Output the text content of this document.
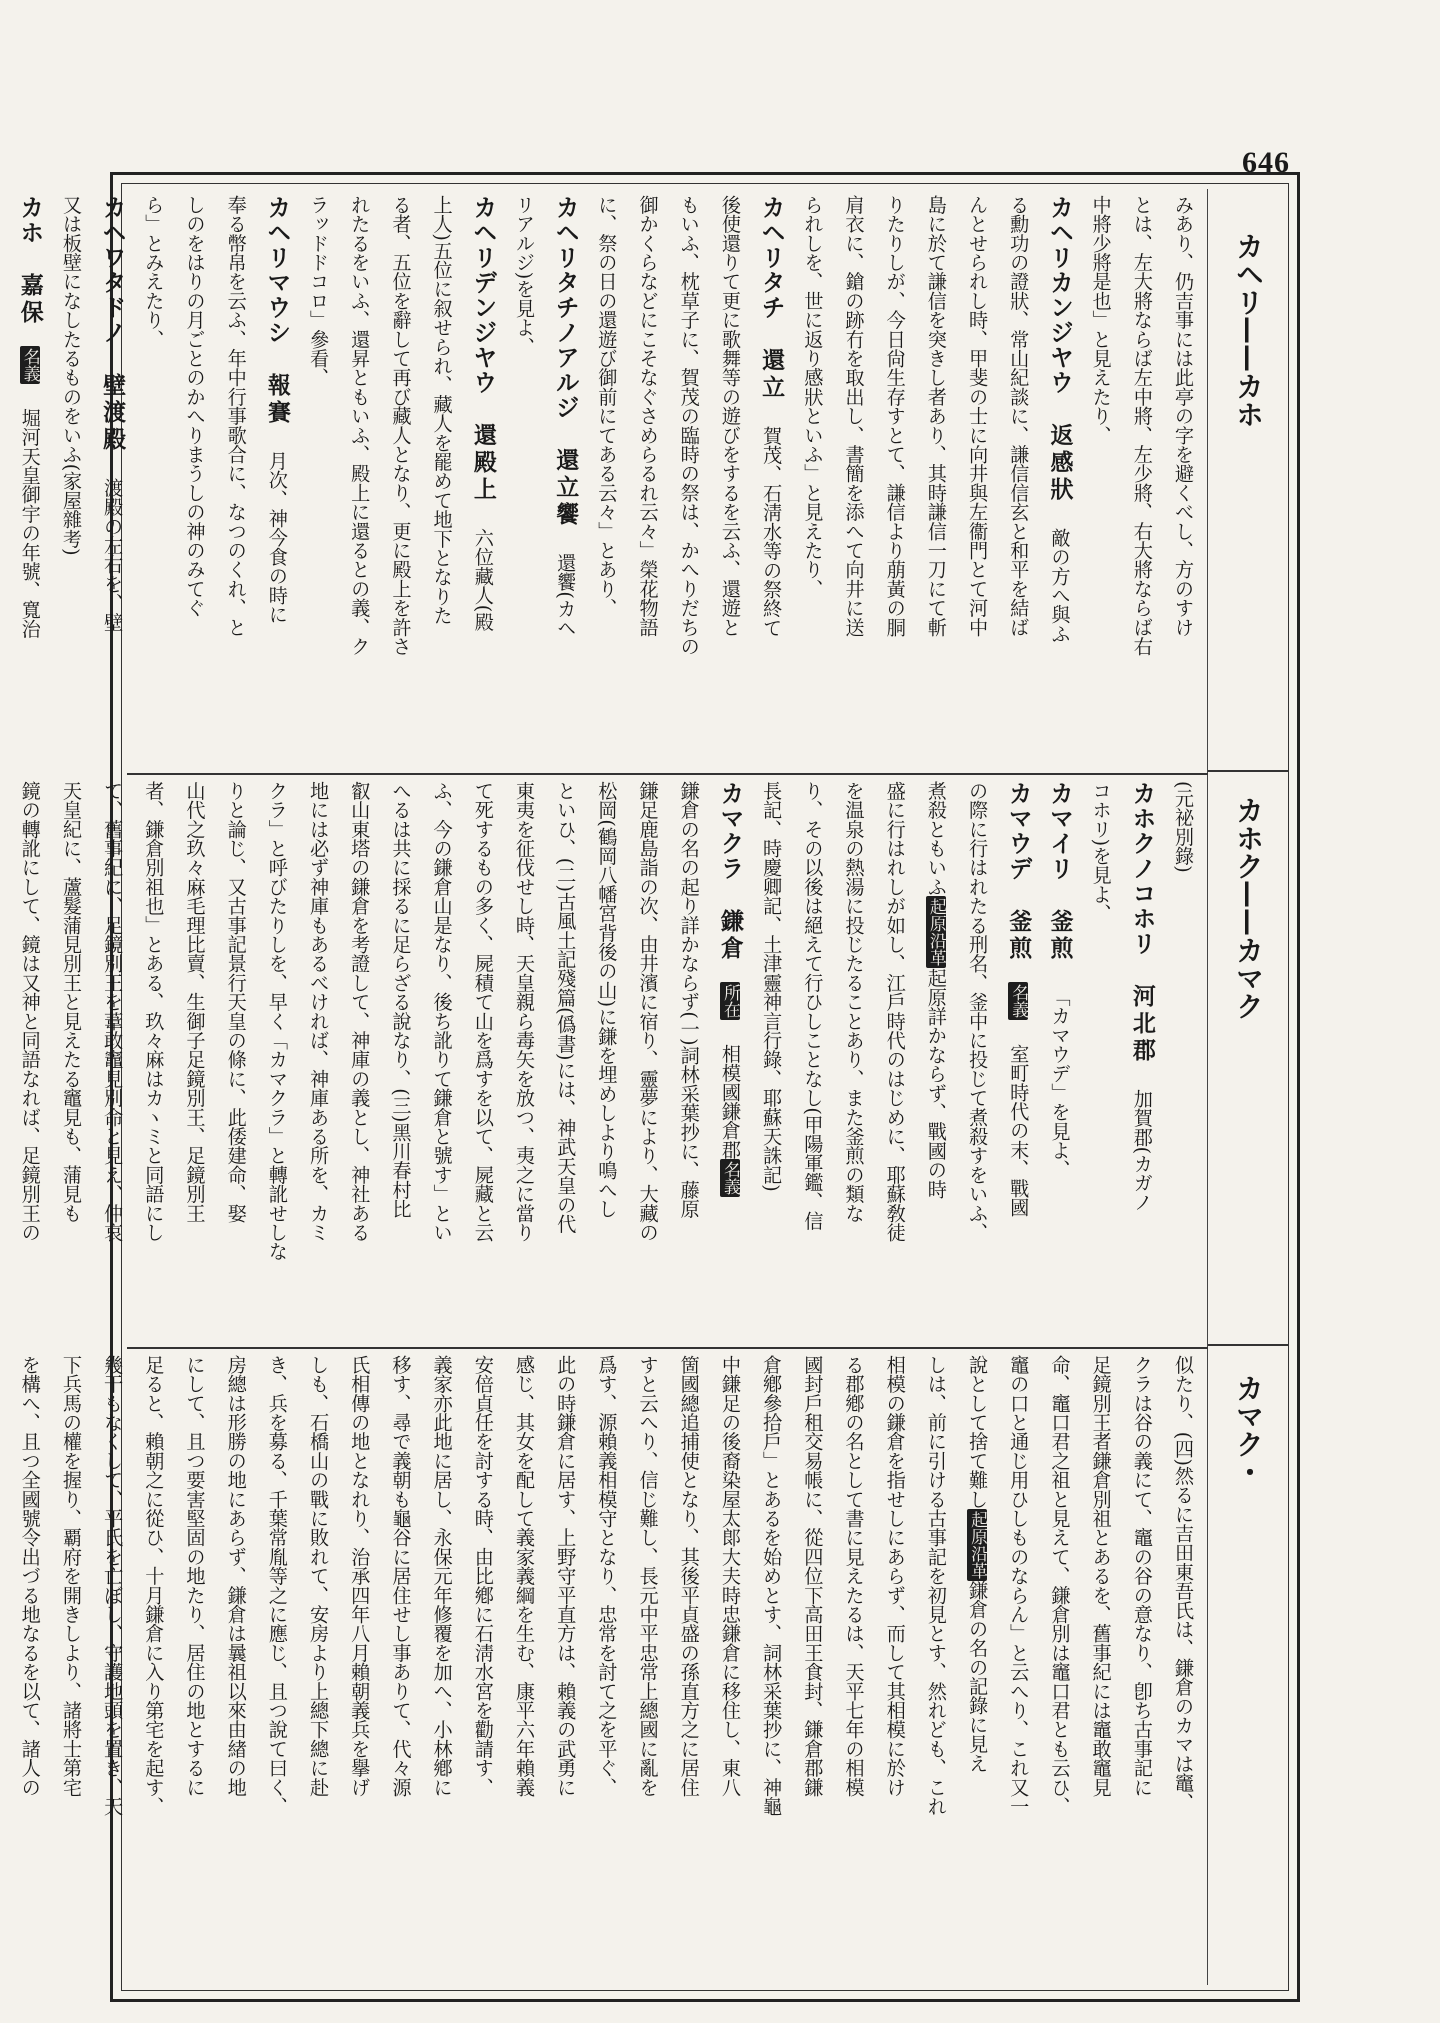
646
カヘリ——カホ
カホク——カマク
カマク・
みあり、仍吉事には此亭の字を避くべし、方のすけ
とは、左大將ならば左中將、左少將、右大將ならば右
中將少將是也」と見えたり、
カヘリカンジヤウ返感狀敵の方へ與ふ
る勳功の證狀、常山紀談に、謙信信玄と和平を結ば
んとせられし時、甲斐の士に向井與左衞門とて河中
島に於て謙信を突きし者あり、其時謙信一刀にて斬
りたりしが、今日尙生存すとて、謙信より萠黃の胴
肩衣に、鎗の跡冇を取出し、書簡を添へて向井に送
られしを、世に返り感狀といふ」と見えたり、
カヘリタチ還立賀茂、石淸水等の祭終て
後使還りて更に歌舞等の遊びをするを云ふ、還遊と
もいふ、枕草子に、賀茂の臨時の祭は、かへりだちの
御かくらなどにこそなぐさめらるれ云々」榮花物語
に、祭の日の還遊び御前にてある云々」とあり、
カヘリタチノアルジ還立饗還饗(カヘ
リアルジ)を見よ、
カヘリデンジヤウ還殿上六位藏人(殿
上人)五位に叙せられ、藏人を罷めて地下となりた
る者、五位を辭して再び藏人となり、更に殿上を許さ
れたるをいふ、還昇ともいふ、殿上に還るとの義、ク
ラッドドコロ」參看、
カヘリマウシ報賽月次、神今食の時に
奉る幣帛を云ふ、年中行事歌合に、なつのくれ、と
しのをはりの月ごとのかへりまうしの神のみてぐ
ら」とみえたり、
カヘワタドノ壁渡殿渡殿の左右を、壁
又は板壁になしたるものをいふ(家屋雜考)
カホ嘉保　名義堀河天皇御宇の年號、寬治
(元祕別錄)
カホクノコホリ河北郡加賀郡(カガノ
コホリ)を見よ、
カマイリ釜煎「カマウデ」を見よ、
カマウデ釜煎　名義室町時代の末、戰國
の際に行はれたる刑名、釜中に投じて煮殺すをいふ、
煮殺ともいふ起原沿革起原詳かならず、戰國の時
盛に行はれしが如し、江戶時代のはじめに、耶蘇敎徒
を温泉の熱湯に投じたることあり、また釜煎の類な
り、その以後は絕えて行ひしことなし(甲陽軍鑑、信
長記、時慶卿記、土津靈神言行錄、耶蘇天誅記)
カマクラ鎌倉　所在相模國鎌倉郡名義
鎌倉の名の起り詳かならず(一)詞林采葉抄に、藤原
鎌足鹿島詣の次、由井濱に宿り、靈夢により、大藏の
松岡(鶴岡八幡宮背後の山)に鎌を埋めしより鳴へし
といひ、(二)古風土記殘篇(僞書)には、神武天皇の代
東夷を征伐せし時、天皇親ら毒矢を放つ、夷之に當り
て死するもの多く、屍積て山を爲すを以て、屍藏と云
ふ、今の鎌倉山是なり、後ち訛りて鎌倉と號す」とい
へるは共に採るに足らざる說なり、(三)黑川春村比
叡山東塔の鎌倉を考證して、神庫の義とし、神社ある
地には必ず神庫もあるべければ、神庫ある所を、カミ
クラ」と呼びたりしを、早く「カマクラ」と轉訛せしな
りと論じ、又古事記景行天皇の條に、此倭建命、娶
山代之玖々麻毛理比賣、生御子足鏡別王、足鏡別王
者、鎌倉別祖也」とある、玖々麻はカヽミと同語にし
て、舊事紀に、足鏡別王を葦敢竈見別命と見え、仲哀
天皇紀に、蘆髮蒲見別王と見えたる竈見も、蒲見も
鏡の轉訛にして、鏡は又神と同語なれば、足鏡別王の
似たり、(四)然るに吉田東吾氏は、鎌倉のカマは竈、
クラは谷の義にて、竈の谷の意なり、卽ち古事記に
足鏡別王者鎌倉別祖とあるを、舊事紀には竈敢竈見
命、竈口君之祖と見えて、鎌倉別は竈口君とも云ひ、
竈の口と通じ用ひしものならん」と云へり、これ又一
說として捨て難し起原沿革鎌倉の名の記錄に見え
しは、前に引ける古事記を初見とす、然れども、これ
相模の鎌倉を指せしにあらず、而して其相模に於け
る郡鄕の名として書に見えたるは、天平七年の相模
國封戶租交易帳に、從四位下高田王食封、鎌倉郡鎌
倉鄕參拾戶」とあるを始めとす、詞林采葉抄に、神龜
中鎌足の後裔染屋太郞大夫時忠鎌倉に移住し、東八
箇國總追捕使となり、其後平貞盛の孫直方之に居住
すと云へり、信じ難し、長元中平忠常上總國に亂を
爲す、源賴義相模守となり、忠常を討て之を平ぐ、
此の時鎌倉に居す、上野守平直方は、賴義の武勇に
感じ、其女を配して義家義綱を生む、康平六年賴義
安倍貞任を討する時、由比鄕に石淸水宮を勸請す、
義家亦此地に居し、永保元年修覆を加へ、小林鄕に
移す、尋で義朝も龜谷に居住せし事ありて、代々源
氏相傳の地となれり、治承四年八月賴朝義兵を擧げ
しも、石橋山の戰に敗れて、安房より上總下總に赴
き、兵を募る、千葉常胤等之に應じ、且つ說て曰く、
房總は形勝の地にあらず、鎌倉は曩祖以來由緖の地
にして、且つ要害堅固の地たり、居住の地とするに
足ると、賴朝之に從ひ、十月鎌倉に入り第宅を起す、
幾干もなくして、平氏を亡ぼし、守護地頭を置き、天
下兵馬の權を握り、覇府を開きしより、諸將士第宅
を構へ、且つ全國號令出づる地なるを以て、諸人の
